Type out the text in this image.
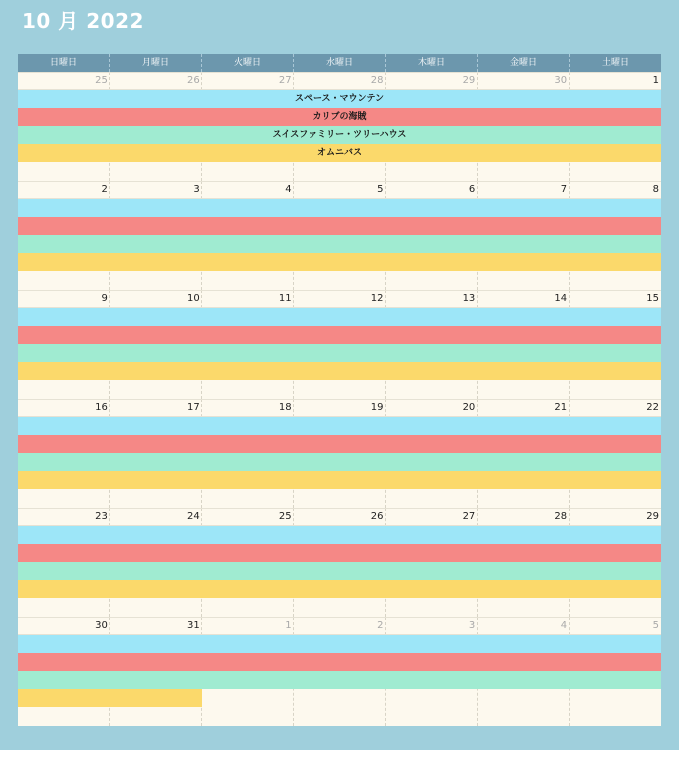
10 月 2022
日曜日	月曜日	火曜日	水曜日	木曜日	金曜日	土曜日
25	26	27	28	29	30	1
スペース・マウンテン
カリブの海賊
スイスファミリー・ツリーハウス
オムニバス
2	3	4	5	6	7	8
9	10	11	12	13	14	15
16	17	18	19	20	21	22
23	24	25	26	27	28	29
30	31	1	2	3	4	5
